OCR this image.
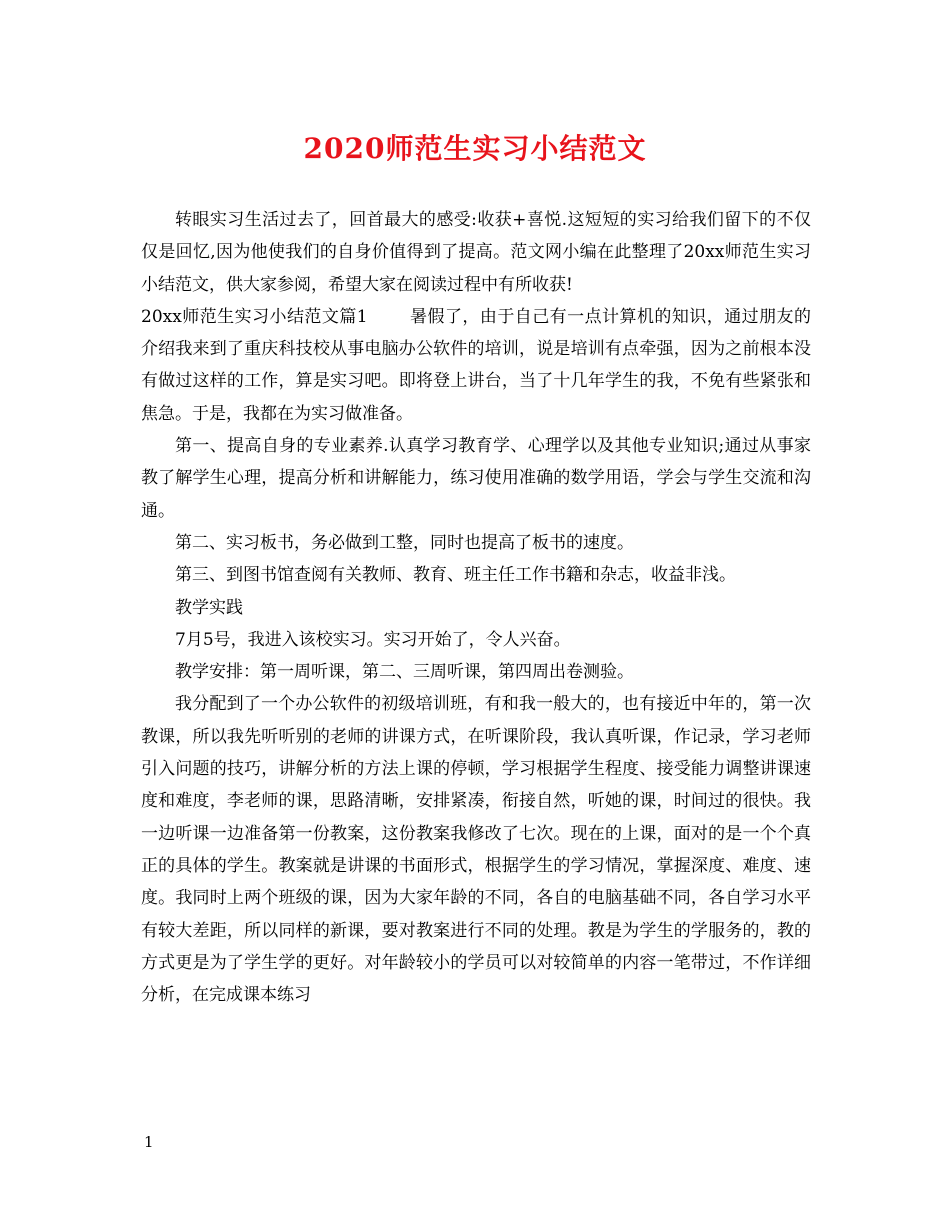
2020师范生实习小结范文

转眼实习生活过去了，回首最大的感受:收获+喜悦.这短短的实习给我们留下的不仅仅是回忆,因为他使我们的自身价值得到了提高。范文网小编在此整理了20xx师范生实习小结范文，供大家参阅，希望大家在阅读过程中有所收获!

20xx师范生实习小结范文篇1 暑假了，由于自己有一点计算机的知识，通过朋友的介绍我来到了重庆科技校从事电脑办公软件的培训，说是培训有点牵强，因为之前根本没有做过这样的工作，算是实习吧。即将登上讲台，当了十几年学生的我，不免有些紧张和焦急。于是，我都在为实习做准备。

第一、提高自身的专业素养.认真学习教育学、心理学以及其他专业知识;通过从事家教了解学生心理，提高分析和讲解能力，练习使用准确的数学用语，学会与学生交流和沟通。

第二、实习板书，务必做到工整，同时也提高了板书的速度。

第三、到图书馆查阅有关教师、教育、班主任工作书籍和杂志，收益非浅。

教学实践

7月5号，我进入该校实习。实习开始了，令人兴奋。

教学安排：第一周听课，第二、三周听课，第四周出卷测验。

我分配到了一个办公软件的初级培训班，有和我一般大的，也有接近中年的，第一次教课，所以我先听听别的老师的讲课方式，在听课阶段，我认真听课，作记录，学习老师引入问题的技巧，讲解分析的方法上课的停顿，学习根据学生程度、接受能力调整讲课速度和难度，李老师的课，思路清晰，安排紧凑，衔接自然，听她的课，时间过的很快。我一边听课一边准备第一份教案，这份教案我修改了七次。现在的上课，面对的是一个个真正的具体的学生。教案就是讲课的书面形式，根据学生的学习情况，掌握深度、难度、速度。我同时上两个班级的课，因为大家年龄的不同，各自的电脑基础不同，各自学习水平有较大差距，所以同样的新课，要对教案进行不同的处理。教是为学生的学服务的，教的方式更是为了学生学的更好。对年龄较小的学员可以对较简单的内容一笔带过，不作详细分析，在完成课本练习

1
